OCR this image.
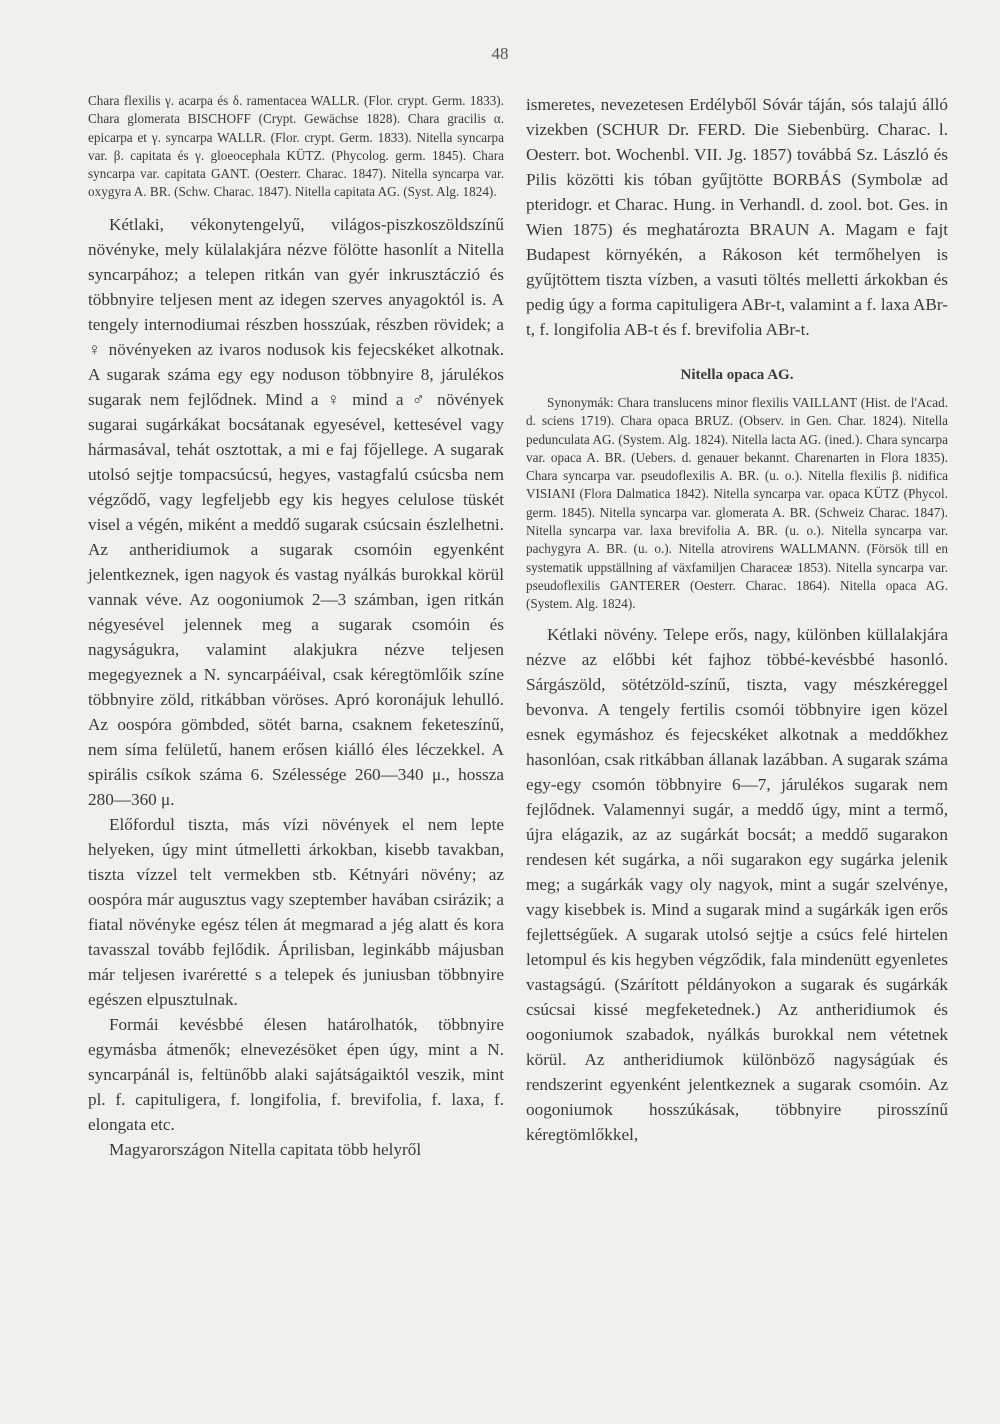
48

Chara flexilis γ. acarpa és δ. ramentacea WALLR. (Flor. crypt. Germ. 1833). Chara glomerata BISCHOFF (Crypt. Gewächse 1828). Chara gracilis α. epicarpa et γ. syncarpa WALLR. (Flor. crypt. Germ. 1833). Nitella syncarpa var. β. capitata és γ. gloeocephala KÜTZ. (Phycolog. germ. 1845). Chara syncarpa var. capitata GANT. (Oesterr. Charac. 1847). Nitella syncarpa var. oxygyra A. BR. (Schw. Charac. 1847). Nitella capitata AG. (Syst. Alg. 1824).

Kétlaki, vékonytengelyű, világos-piszkoszöldszínű növényke, mely külalakjára nézve fölötte hasonlít a Nitella syncarpához; a telepen ritkán van gyér inkrusztáczió és többnyire teljesen ment az idegen szerves anyagoktól is. A tengely internodiumai részben hosszúak, részben rövidek; a ♀ növényeken az ivaros nodusok kis fejecskéket alkotnak. A sugarak száma egy egy noduson többnyire 8, járulékos sugarak nem fejlődnek. Mind a ♀ mind a ♂ növények sugarai sugárkákat bocsátanak egyesével, kettesével vagy hármasával, tehát osztottak, a mi e faj főjellege. A sugarak utolsó sejtje tompacsúcsú, hegyes, vastagfalú csúcsba nem végződő, vagy legfeljebb egy kis hegyes celulose tüskét visel a végén, miként a meddő sugarak csúcsain észlelhetni. Az antheridiumok a sugarak csomóin egyenként jelentkeznek, igen nagyok és vastag nyálkás burokkal körül vannak véve. Az oogoniumok 2—3 számban, igen ritkán négyesével jelennek meg a sugarak csomóin és nagyságukra, valamint alakjukra nézve teljesen megegyeznek a N. syncarpáéival, csak kéregtömlőik színe többnyire zöld, ritkábban vöröses. Apró koronájuk lehulló. Az oospóra gömbded, sötét barna, csaknem feketeszínű, nem síma felületű, hanem erősen kiálló éles léczekkel. A spirális csíkok száma 6. Szélessége 260—340 μ., hossza 280—360 μ.

Előfordul tiszta, más vízi növények el nem lepte helyeken, úgy mint útmelletti árkokban, kisebb tavakban, tiszta vízzel telt vermekben stb. Kétnyári növény; az oospóra már augusztus vagy szeptember havában csirázik; a fiatal növényke egész télen át megmarad a jég alatt és kora tavasszal tovább fejlődik. Áprilisban, leginkább májusban már teljesen ivaréretté s a telepek és juniusban többnyire egészen elpusztulnak.

Formái kevésbbé élesen határolhatók, többnyire egymásba átmenők; elnevezésöket épen úgy, mint a N. syncarpánál is, feltünőbb alaki sajátságaiktól veszik, mint pl. f. capituligera, f. longifolia, f. brevifolia, f. laxa, f. elongata etc.

Magyarországon Nitella capitata több helyről

ismeretes, nevezetesen Erdélyből Sóvár táján, sós talajú álló vizekben (SCHUR Dr. FERD. Die Siebenbürg. Charac. l. Oesterr. bot. Wochenbl. VII. Jg. 1857) továbbá Sz. László és Pilis közötti kis tóban gyűjtötte BORBÁS (Symbolæ ad pteridogr. et Charac. Hung. in Verhandl. d. zool. bot. Ges. in Wien 1875) és meghatározta BRAUN A. Magam e fajt Budapest környékén, a Rákoson két termőhelyen is gyűjtöttem tiszta vízben, a vasuti töltés melletti árkokban és pedig úgy a forma capituligera ABr-t, valamint a f. laxa ABr-t, f. longifolia AB-t és f. brevifolia ABr-t.

Nitella opaca AG.

Synonymák: Chara translucens minor flexilis VAILLANT (Hist. de l'Acad. d. sciens 1719). Chara opaca BRUZ. (Observ. in Gen. Char. 1824). Nitella pedunculata AG. (System. Alg. 1824). Nitella lacta AG. (ined.). Chara syncarpa var. opaca A. BR. (Uebers. d. genauer bekannt. Charenarten in Flora 1835). Chara syncarpa var. pseudoflexilis A. BR. (u. o.). Nitella flexilis β. nidifica VISIANI (Flora Dalmatica 1842). Nitella syncarpa var. opaca KÜTZ (Phycol. germ. 1845). Nitella syncarpa var. glomerata A. BR. (Schweiz Charac. 1847). Nitella syncarpa var. laxa brevifolia A. BR. (u. o.). Nitella syncarpa var. pachygyra A. BR. (u. o.). Nitella atrovirens WALLMANN. (Försök till en systematik uppställning af växfamiljen Characeæ 1853). Nitella syncarpa var. pseudoflexilis GANTERER (Oesterr. Charac. 1864). Nitella opaca AG. (System. Alg. 1824).

Kétlaki növény. Telepe erős, nagy, különben küllalakjára nézve az előbbi két fajhoz többé-kevésbbé hasonló. Sárgászöld, sötétzöld-színű, tiszta, vagy mészkéreggel bevonva. A tengely fertilis csomói többnyire igen közel esnek egymáshoz és fejecskéket alkotnak a meddőkhez hasonlóan, csak ritkábban állanak lazábban. A sugarak száma egy-egy csomón többnyire 6—7, járulékos sugarak nem fejlődnek. Valamennyi sugár, a meddő úgy, mint a termő, újra elágazik, az az sugárkát bocsát; a meddő sugarakon rendesen két sugárka, a női sugarakon egy sugárka jelenik meg; a sugárkák vagy oly nagyok, mint a sugár szelvénye, vagy kisebbek is. Mind a sugarak mind a sugárkák igen erős fejlettségűek. A sugarak utolsó sejtje a csúcs felé hirtelen letompul és kis hegyben végződik, fala mindenütt egyenletes vastagságú. (Szárított példányokon a sugarak és sugárkák csúcsai kissé megfeketednek.) Az antheridiumok és oogoniumok szabadok, nyálkás burokkal nem vétetnek körül. Az antheridiumok különböző nagyságúak és rendszerint egyenként jelentkeznek a sugarak csomóin. Az oogoniumok hosszúkásak, többnyire pirosszínű kéregtömlőkkel,
